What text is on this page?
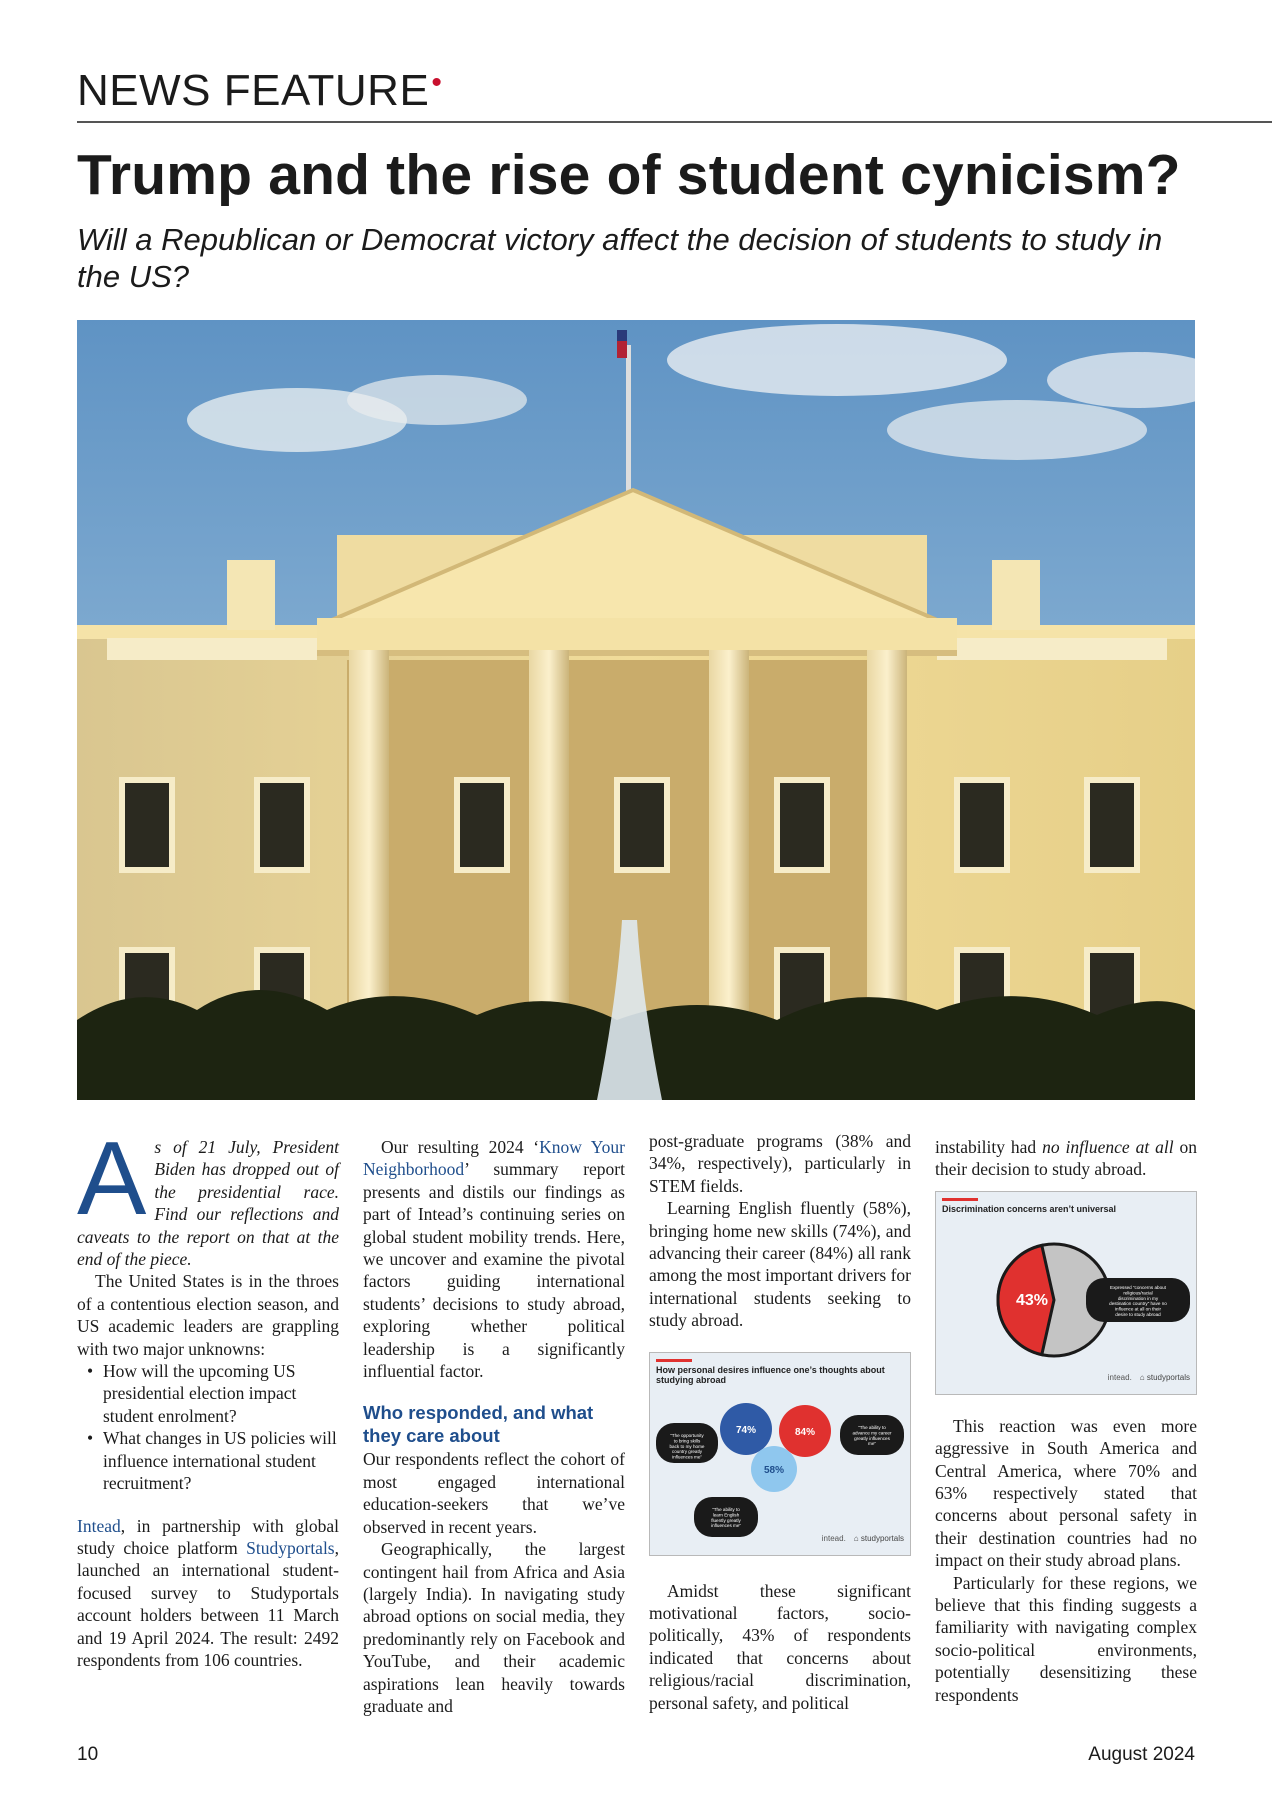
NEWS FEATURE•
Trump and the rise of student cynicism?
Will a Republican or Democrat victory affect the decision of students to study in the US?

As of 21 July, President Biden has dropped out of the presidential race. Find our reflections and caveats to the report on that at the end of the piece.

The United States is in the throes of a contentious election season, and US academic leaders are grappling with two major unknowns:

• How will the upcoming US presidential election impact student enrolment?
• What changes in US policies will influence international student recruitment?

Intead, in partnership with global study choice platform Studyportals, launched an international student-focused survey to Studyportals account holders between 11 March and 19 April 2024. The result: 2492 respondents from 106 countries.

Our resulting 2024 ‘Know Your Neighborhood’ summary report presents and distils our findings as part of Intead’s continuing series on global student mobility trends. Here, we uncover and examine the pivotal factors guiding international students’ decisions to study abroad, exploring whether political leadership is a significantly influential factor.

Who responded, and what they care about

Our respondents reflect the cohort of most engaged international education-seekers that we’ve observed in recent years.

Geographically, the largest contingent hail from Africa and Asia (largely India). In navigating study abroad options on social media, they predominantly rely on Facebook and YouTube, and their academic aspirations lean heavily towards graduate and

post-graduate programs (38% and 34%, respectively), particularly in STEM fields.

Learning English fluently (58%), bringing home new skills (74%), and advancing their career (84%) all rank among the most important drivers for international students seeking to study abroad.

How personal desires influence one’s thoughts about studying abroad
74%	84%
58%
“The opportunity to bring skills back to my home country greatly influences me”
“The ability to advance my career greatly influences me”
“The ability to learn English fluently greatly influences me”
intead. ⌂ studyportals

Amidst these significant motivational factors, socio-politically, 43% of respondents indicated that concerns about religious/racial discrimination, personal safety, and political

instability had no influence at all on their decision to study abroad.

Discrimination concerns aren’t universal
43%
Expressed “concerns about religious/racial discrimination in my destination country” have no influence at all on their desire to study abroad
intead. ⌂ studyportals

This reaction was even more aggressive in South America and Central America, where 70% and 63% respectively stated that concerns about personal safety in their destination countries had no impact on their study abroad plans.

Particularly for these regions, we believe that this finding suggests a familiarity with navigating complex socio-political environments, potentially desensitizing these respondents

10	August 2024
